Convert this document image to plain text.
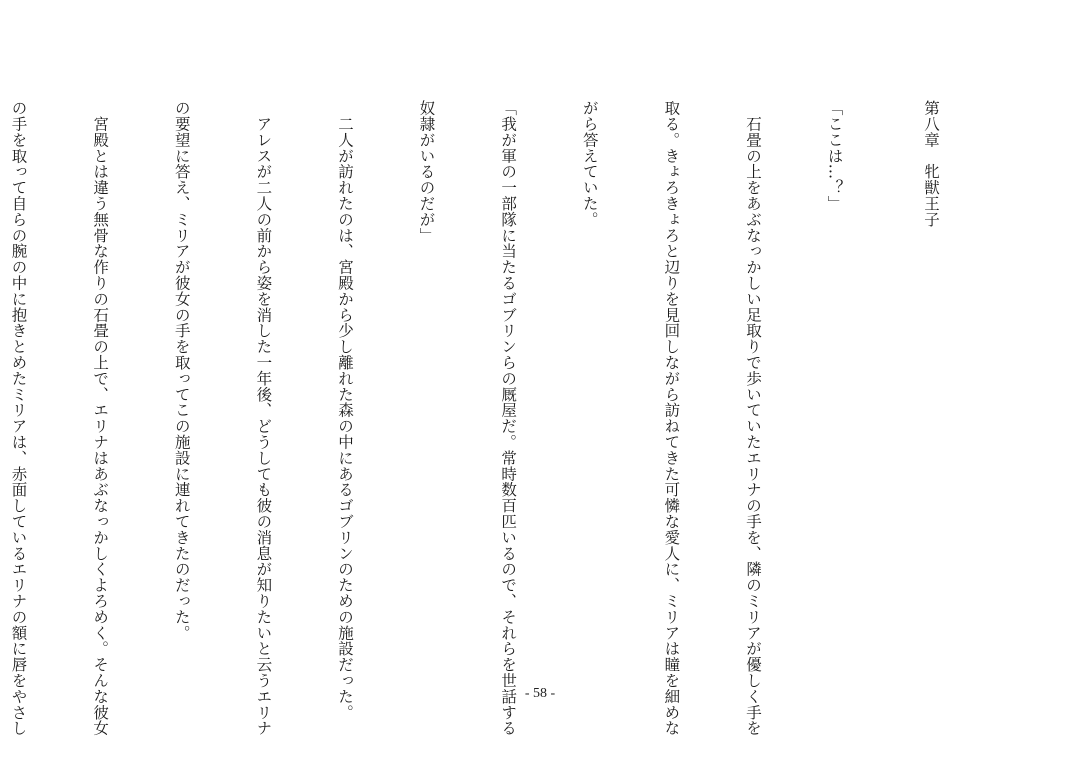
第八章　牝獣王子

「ここは…？」

　石畳の上をあぶなっかしい足取りで歩いていたエリナの手を、隣のミリアが優しく手を

取る。きょろきょろと辺りを見回しながら訪ねてきた可憐な愛人に、ミリアは瞳を細めな

がら答えていた。

「我が軍の一部隊に当たるゴブリンらの厩屋だ。常時数百匹いるので、それらを世話する

奴隷がいるのだが」

　二人が訪れたのは、宮殿から少し離れた森の中にあるゴブリンのための施設だった。

　アレスが二人の前から姿を消した一年後、どうしても彼の消息が知りたいと云うエリナ

の要望に答え、ミリアが彼女の手を取ってこの施設に連れてきたのだった。

　宮殿とは違う無骨な作りの石畳の上で、エリナはあぶなっかしくよろめく。そんな彼女

の手を取って自らの腕の中に抱きとめたミリアは、赤面しているエリナの額に唇をやさし

	- 58 -
